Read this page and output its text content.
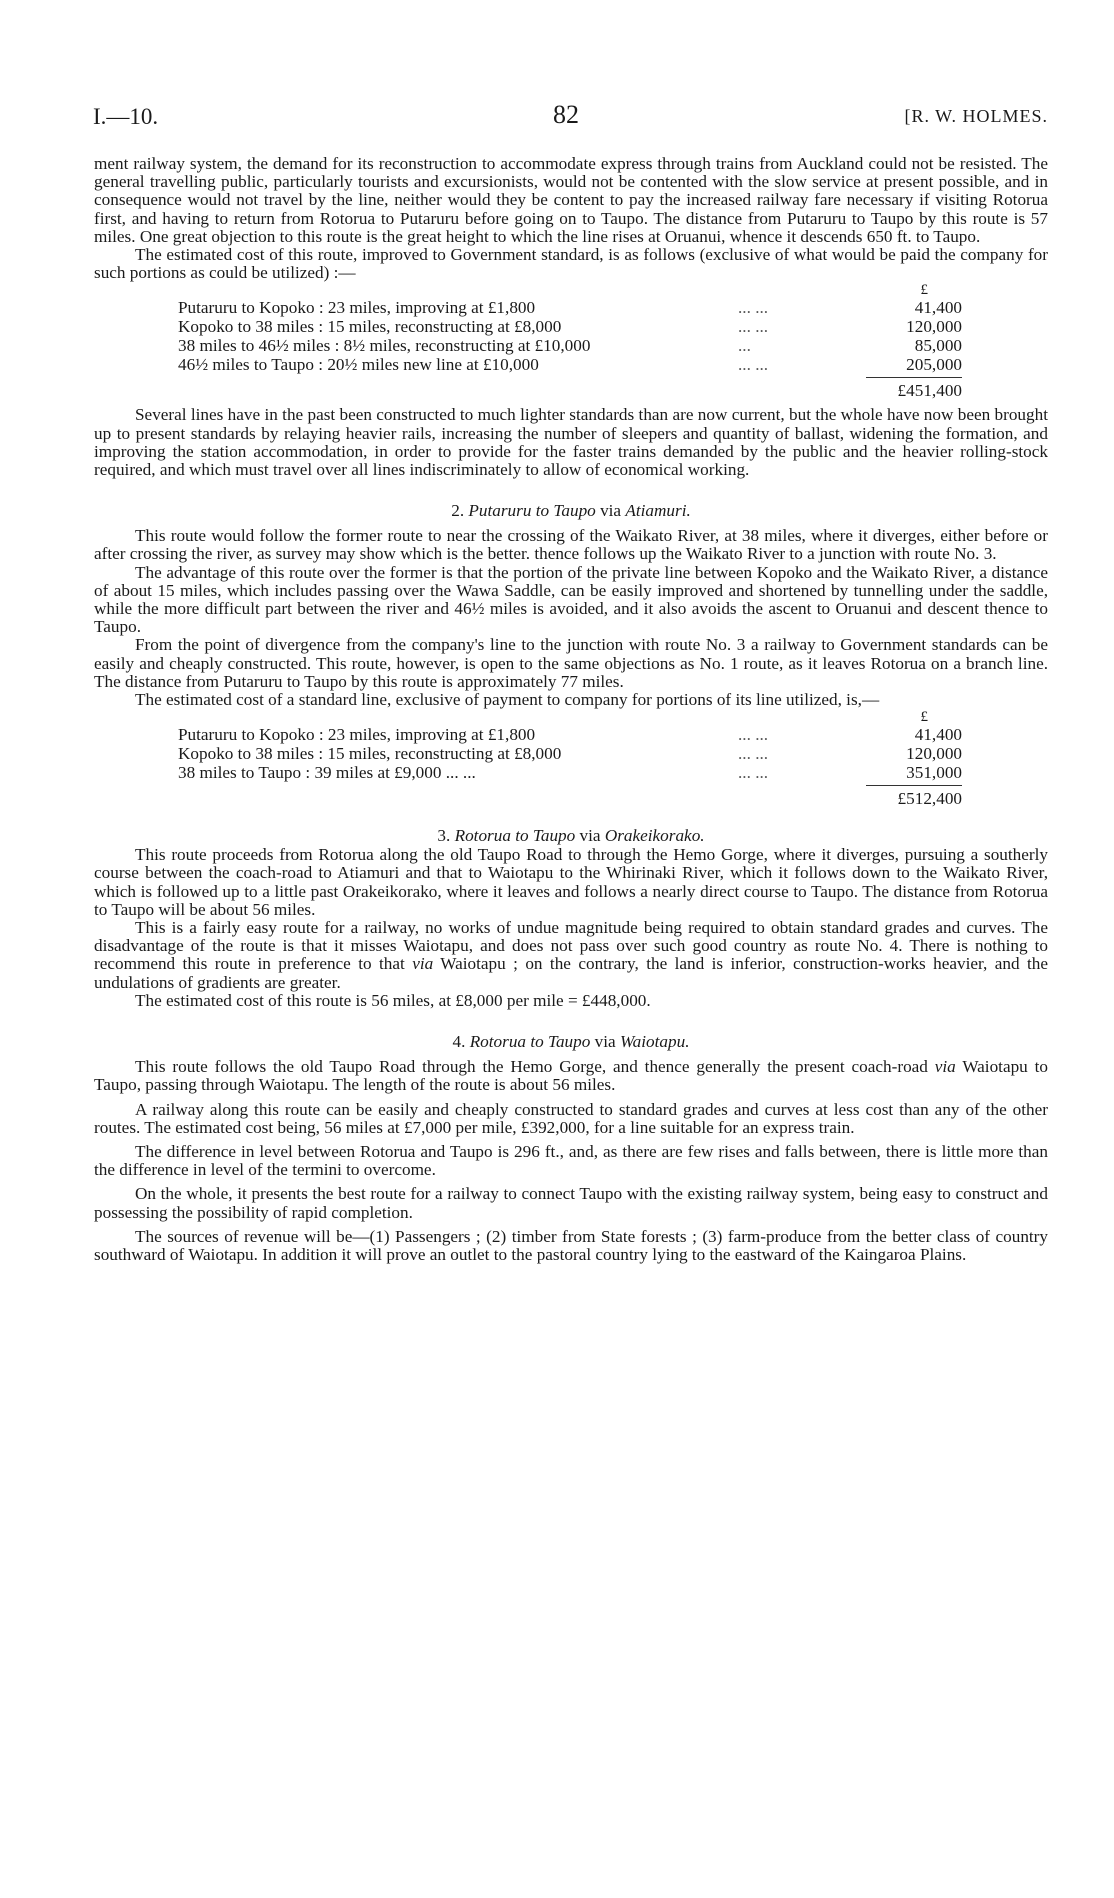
I.—10.	82	[R. W. HOLMES.

ment railway system, the demand for its reconstruction to accommodate express through trains from Auckland could not be resisted. The general travelling public, particularly tourists and excursionists, would not be contented with the slow service at present possible, and in consequence would not travel by the line, neither would they be content to pay the increased railway fare necessary if visiting Rotorua first, and having to return from Rotorua to Putaruru before going on to Taupo. The distance from Putaruru to Taupo by this route is 57 miles. One great objection to this route is the great height to which the line rises at Oruanui, whence it descends 650 ft. to Taupo.

The estimated cost of this route, improved to Government standard, is as follows (exclusive of what would be paid the company for such portions as could be utilized) :—

£
Putaruru to Kopoko : 23 miles, improving at £1,800	... ...	41,400
Kopoko to 38 miles : 15 miles, reconstructing at £8,000	... ...	120,000
38 miles to 46½ miles : 8½ miles, reconstructing at £10,000	...	85,000
46½ miles to Taupo : 20½ miles new line at £10,000	... ...	205,000
£451,400

Several lines have in the past been constructed to much lighter standards than are now current, but the whole have now been brought up to present standards by relaying heavier rails, increasing the number of sleepers and quantity of ballast, widening the formation, and improving the station accommodation, in order to provide for the faster trains demanded by the public and the heavier rolling-stock required, and which must travel over all lines indiscriminately to allow of economical working.

2. Putaruru to Taupo via Atiamuri.

This route would follow the former route to near the crossing of the Waikato River, at 38 miles, where it diverges, either before or after crossing the river, as survey may show which is the better. thence follows up the Waikato River to a junction with route No. 3.

The advantage of this route over the former is that the portion of the private line between Kopoko and the Waikato River, a distance of about 15 miles, which includes passing over the Wawa Saddle, can be easily improved and shortened by tunnelling under the saddle, while the more difficult part between the river and 46½ miles is avoided, and it also avoids the ascent to Oruanui and descent thence to Taupo.

From the point of divergence from the company's line to the junction with route No. 3 a railway to Government standards can be easily and cheaply constructed. This route, however, is open to the same objections as No. 1 route, as it leaves Rotorua on a branch line. The distance from Putaruru to Taupo by this route is approximately 77 miles.

The estimated cost of a standard line, exclusive of payment to company for portions of its line utilized, is,—

£
Putaruru to Kopoko : 23 miles, improving at £1,800	... ...	41,400
Kopoko to 38 miles : 15 miles, reconstructing at £8,000	... ...	120,000
38 miles to Taupo : 39 miles at £9,000 ... ...	... ...	351,000
£512,400
3. Rotorua to Taupo via Orakeikorako.

This route proceeds from Rotorua along the old Taupo Road to through the Hemo Gorge, where it diverges, pursuing a southerly course between the coach-road to Atiamuri and that to Waiotapu to the Whirinaki River, which it follows down to the Waikato River, which is followed up to a little past Orakeikorako, where it leaves and follows a nearly direct course to Taupo. The distance from Rotorua to Taupo will be about 56 miles.

This is a fairly easy route for a railway, no works of undue magnitude being required to obtain standard grades and curves. The disadvantage of the route is that it misses Waiotapu, and does not pass over such good country as route No. 4. There is nothing to recommend this route in preference to that via Waiotapu ; on the contrary, the land is inferior, construction-works heavier, and the undulations of gradients are greater.

The estimated cost of this route is 56 miles, at £8,000 per mile = £448,000.

4. Rotorua to Taupo via Waiotapu.

This route follows the old Taupo Road through the Hemo Gorge, and thence generally the present coach-road via Waiotapu to Taupo, passing through Waiotapu. The length of the route is about 56 miles.

A railway along this route can be easily and cheaply constructed to standard grades and curves at less cost than any of the other routes. The estimated cost being, 56 miles at £7,000 per mile, £392,000, for a line suitable for an express train.

The difference in level between Rotorua and Taupo is 296 ft., and, as there are few rises and falls between, there is little more than the difference in level of the termini to overcome.

On the whole, it presents the best route for a railway to connect Taupo with the existing railway system, being easy to construct and possessing the possibility of rapid completion.

The sources of revenue will be—(1) Passengers ; (2) timber from State forests ; (3) farm-produce from the better class of country southward of Waiotapu. In addition it will prove an outlet to the pastoral country lying to the eastward of the Kaingaroa Plains.
